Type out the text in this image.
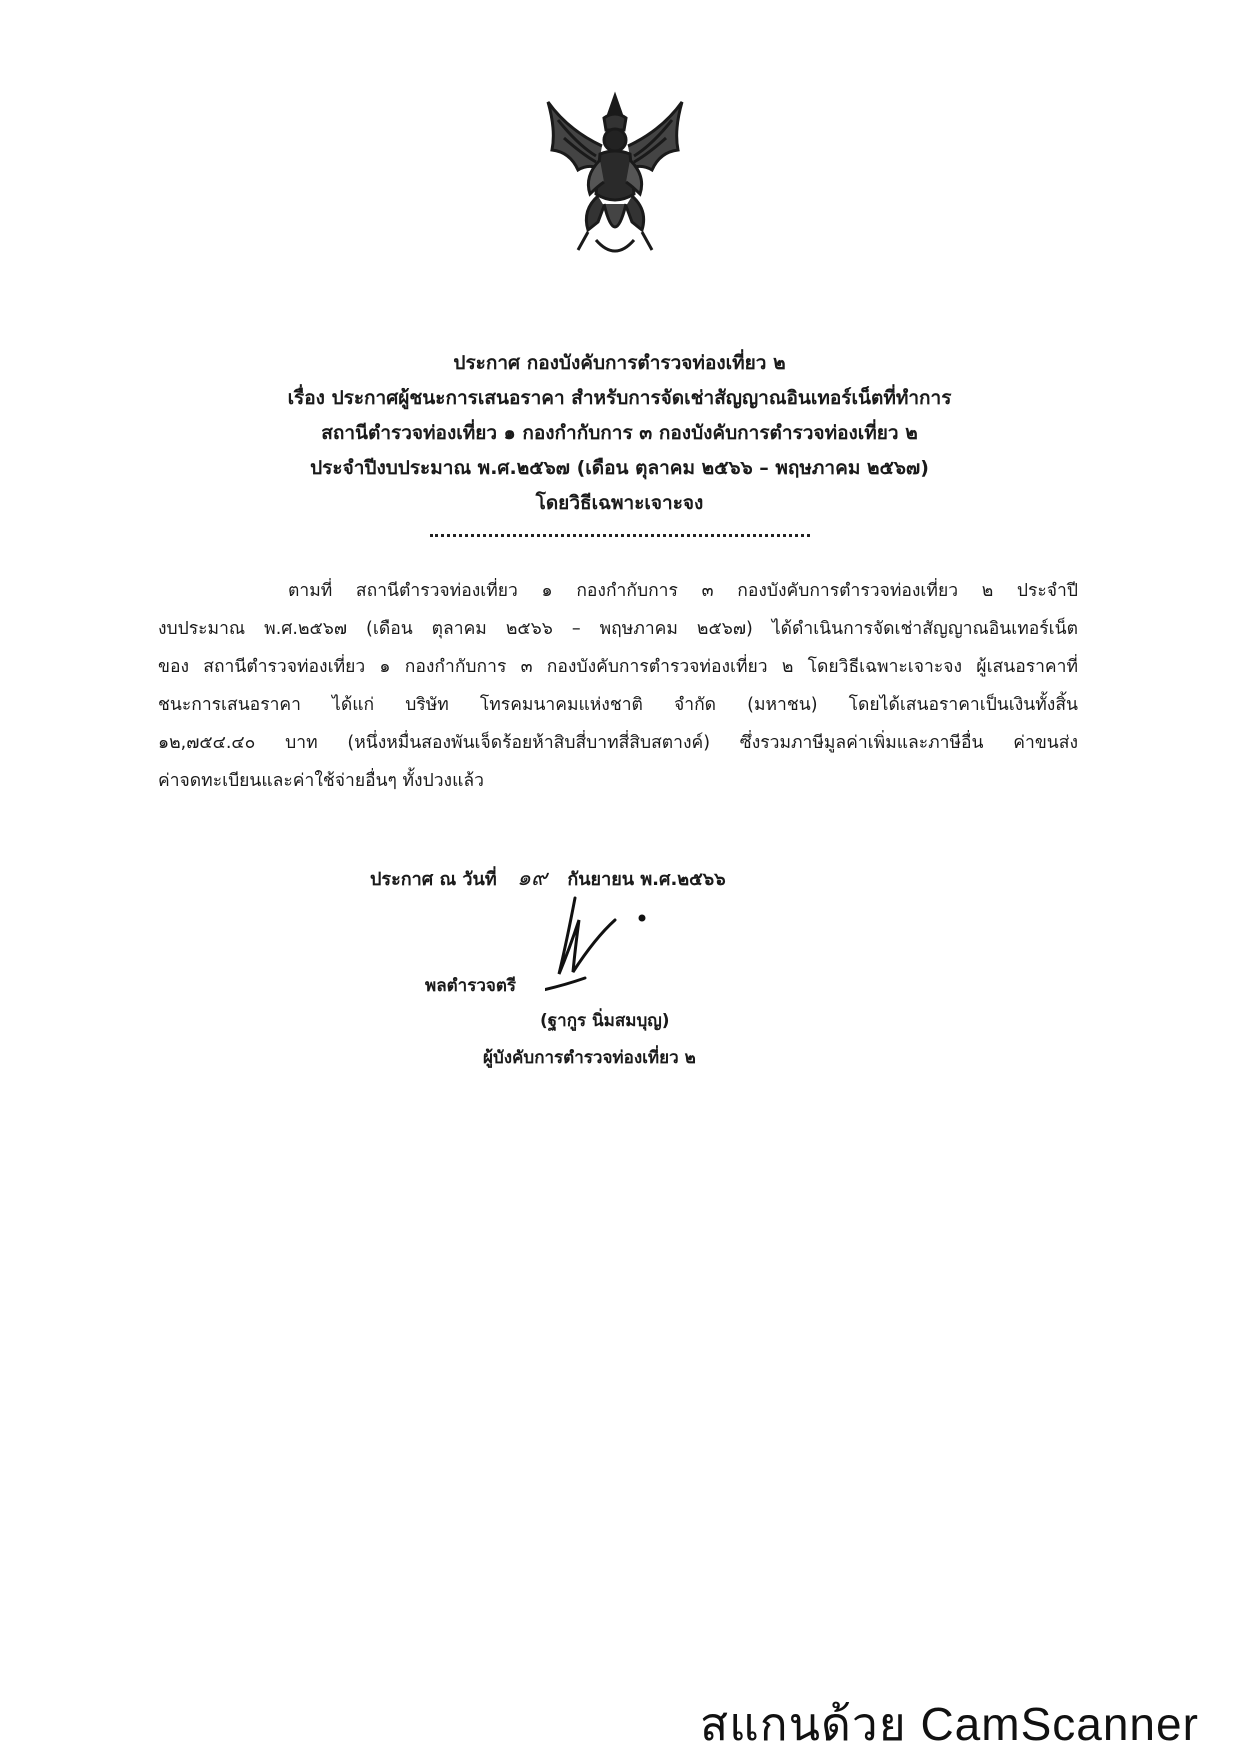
ประกาศ กองบังคับการตำรวจท่องเที่ยว ๒
เรื่อง ประกาศผู้ชนะการเสนอราคา สำหรับการจัดเช่าสัญญาณอินเทอร์เน็ตที่ทำการ
สถานีตำรวจท่องเที่ยว ๑ กองกำกับการ ๓ กองบังคับการตำรวจท่องเที่ยว ๒
ประจำปีงบประมาณ พ.ศ.๒๕๖๗ (เดือน ตุลาคม ๒๕๖๖ – พฤษภาคม ๒๕๖๗)
โดยวิธีเฉพาะเจาะจง
ตามที่ สถานีตำรวจท่องเที่ยว ๑ กองกำกับการ ๓ กองบังคับการตำรวจท่องเที่ยว ๒ ประจำปี
งบประมาณ พ.ศ.๒๕๖๗ (เดือน ตุลาคม ๒๕๖๖ – พฤษภาคม ๒๕๖๗) ได้ดำเนินการจัดเช่าสัญญาณอินเทอร์เน็ต
ของ สถานีตำรวจท่องเที่ยว ๑ กองกำกับการ ๓ กองบังคับการตำรวจท่องเที่ยว ๒ โดยวิธีเฉพาะเจาะจง ผู้เสนอราคาที่
ชนะการเสนอราคา ได้แก่ บริษัท โทรคมนาคมแห่งชาติ จำกัด (มหาชน) โดยได้เสนอราคาเป็นเงินทั้งสิ้น
๑๒,๗๕๔.๔๐ บาท (หนึ่งหมื่นสองพันเจ็ดร้อยห้าสิบสี่บาทสี่สิบสตางค์) ซึ่งรวมภาษีมูลค่าเพิ่มและภาษีอื่น ค่าขนส่ง
ค่าจดทะเบียนและค่าใช้จ่ายอื่นๆ ทั้งปวงแล้ว
ประกาศ ณ วันที่ ๑๙ กันยายน พ.ศ.๒๕๖๖
พลตำรวจตรี
(ฐากูร นิ่มสมบุญ)
ผู้บังคับการตำรวจท่องเที่ยว ๒
สแกนด้วย CamScanner
